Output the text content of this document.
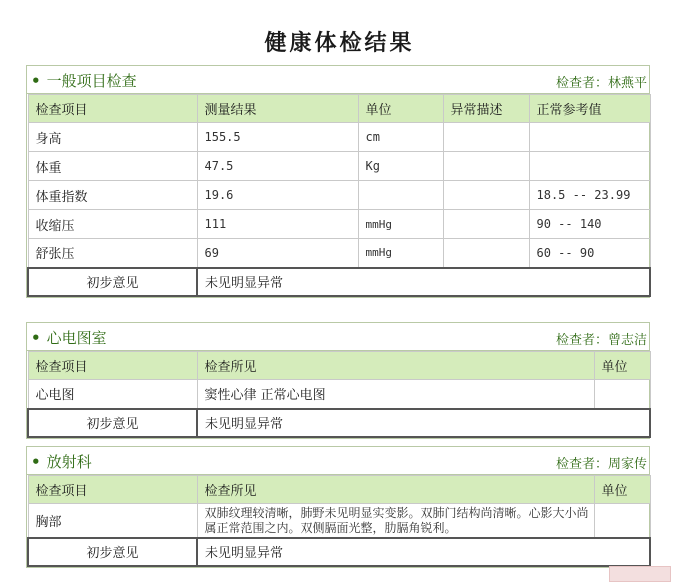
健康体检结果
• 一般项目检查	检查者：林燕平
检查项目	测量结果	单位	异常描述	正常参考值
身高	155.5	cm		
体重	47.5	Kg		
体重指数	19.6			18.5 -- 23.99
收缩压	111	mmHg		90 -- 140
舒张压	69	mmHg		60 -- 90
初步意见	未见明显异常			
• 心电图室	检查者：曾志洁
检查项目	检查所见	单位
心电图	窦性心律 正常心电图	
初步意见	未见明显异常	
• 放射科	检查者：周家传
检查项目	检查所见	单位
胸部	双肺纹理较清晰，肺野未见明显实变影。双肺门结构尚清晰。心影大小尚属正常范围之内。双侧膈面光整，肋膈角锐利。	
初步意见	未见明显异常	
